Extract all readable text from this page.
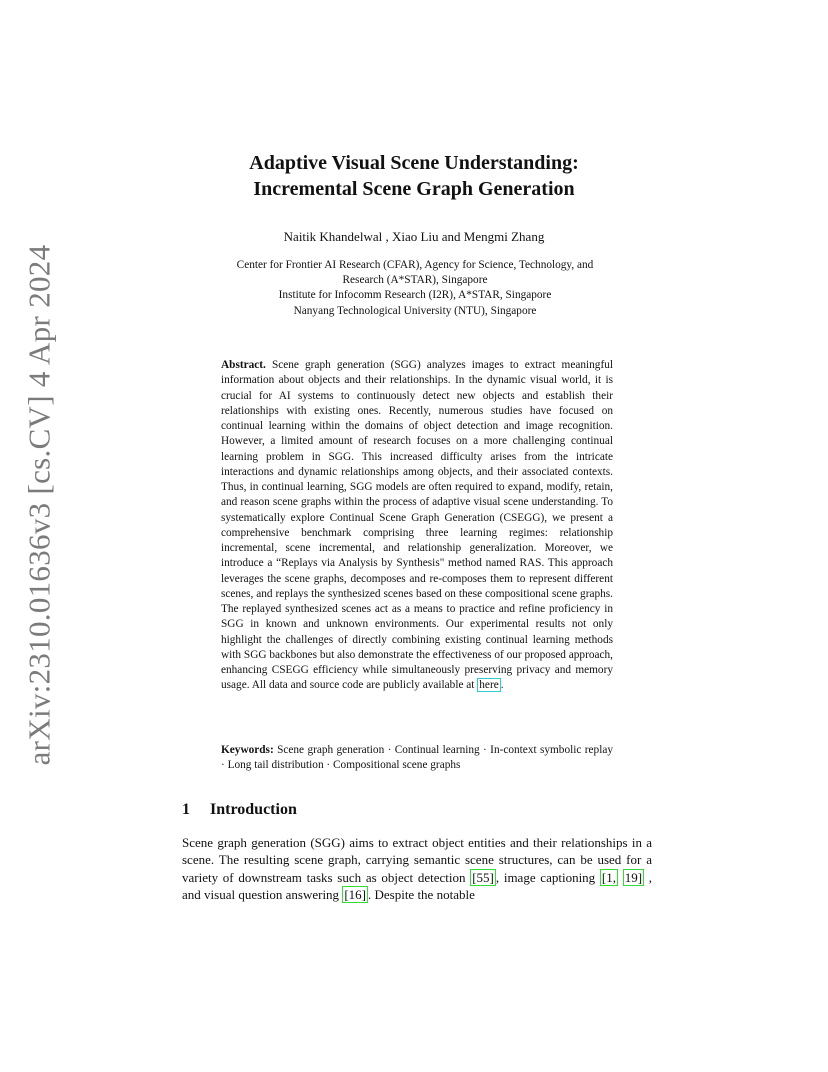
arXiv:2310.01636v3 [cs.CV] 4 Apr 2024
Adaptive Visual Scene Understanding:
Incremental Scene Graph Generation
Naitik Khandelwal , Xiao Liu and Mengmi Zhang
Center for Frontier AI Research (CFAR), Agency for Science, Technology, and
Research (A*STAR), Singapore
Institute for Infocomm Research (I2R), A*STAR, Singapore
Nanyang Technological University (NTU), Singapore
Abstract. Scene graph generation (SGG) analyzes images to extract meaningful information about objects and their relationships. In the dynamic visual world, it is crucial for AI systems to continuously detect new objects and establish their relationships with existing ones. Recently, numerous studies have focused on continual learning within the domains of object detection and image recognition. However, a limited amount of research focuses on a more challenging continual learning problem in SGG. This increased difficulty arises from the intricate interactions and dynamic relationships among objects, and their associated contexts. Thus, in continual learning, SGG models are often required to expand, modify, retain, and reason scene graphs within the process of adaptive visual scene understanding. To systematically explore Continual Scene Graph Generation (CSEGG), we present a comprehensive benchmark comprising three learning regimes: relationship incremental, scene incremental, and relationship generalization. Moreover, we introduce a “Replays via Analysis by Synthesis" method named RAS. This approach leverages the scene graphs, decomposes and re-composes them to represent different scenes, and replays the synthesized scenes based on these compositional scene graphs. The replayed synthesized scenes act as a means to practice and refine proficiency in SGG in known and unknown environments. Our experimental results not only highlight the challenges of directly combining existing continual learning methods with SGG backbones but also demonstrate the effectiveness of our proposed approach, enhancing CSEGG efficiency while simultaneously preserving privacy and memory usage. All data and source code are publicly available at here .
Keywords: Scene graph generation · Continual learning · In-context symbolic replay · Long tail distribution · Compositional scene graphs
1 Introduction
Scene graph generation (SGG) aims to extract object entities and their relationships in a scene. The resulting scene graph, carrying semantic scene structures, can be used for a variety of downstream tasks such as object detection [55] , image captioning [1, 19] , and visual question answering [16] . Despite the notable
